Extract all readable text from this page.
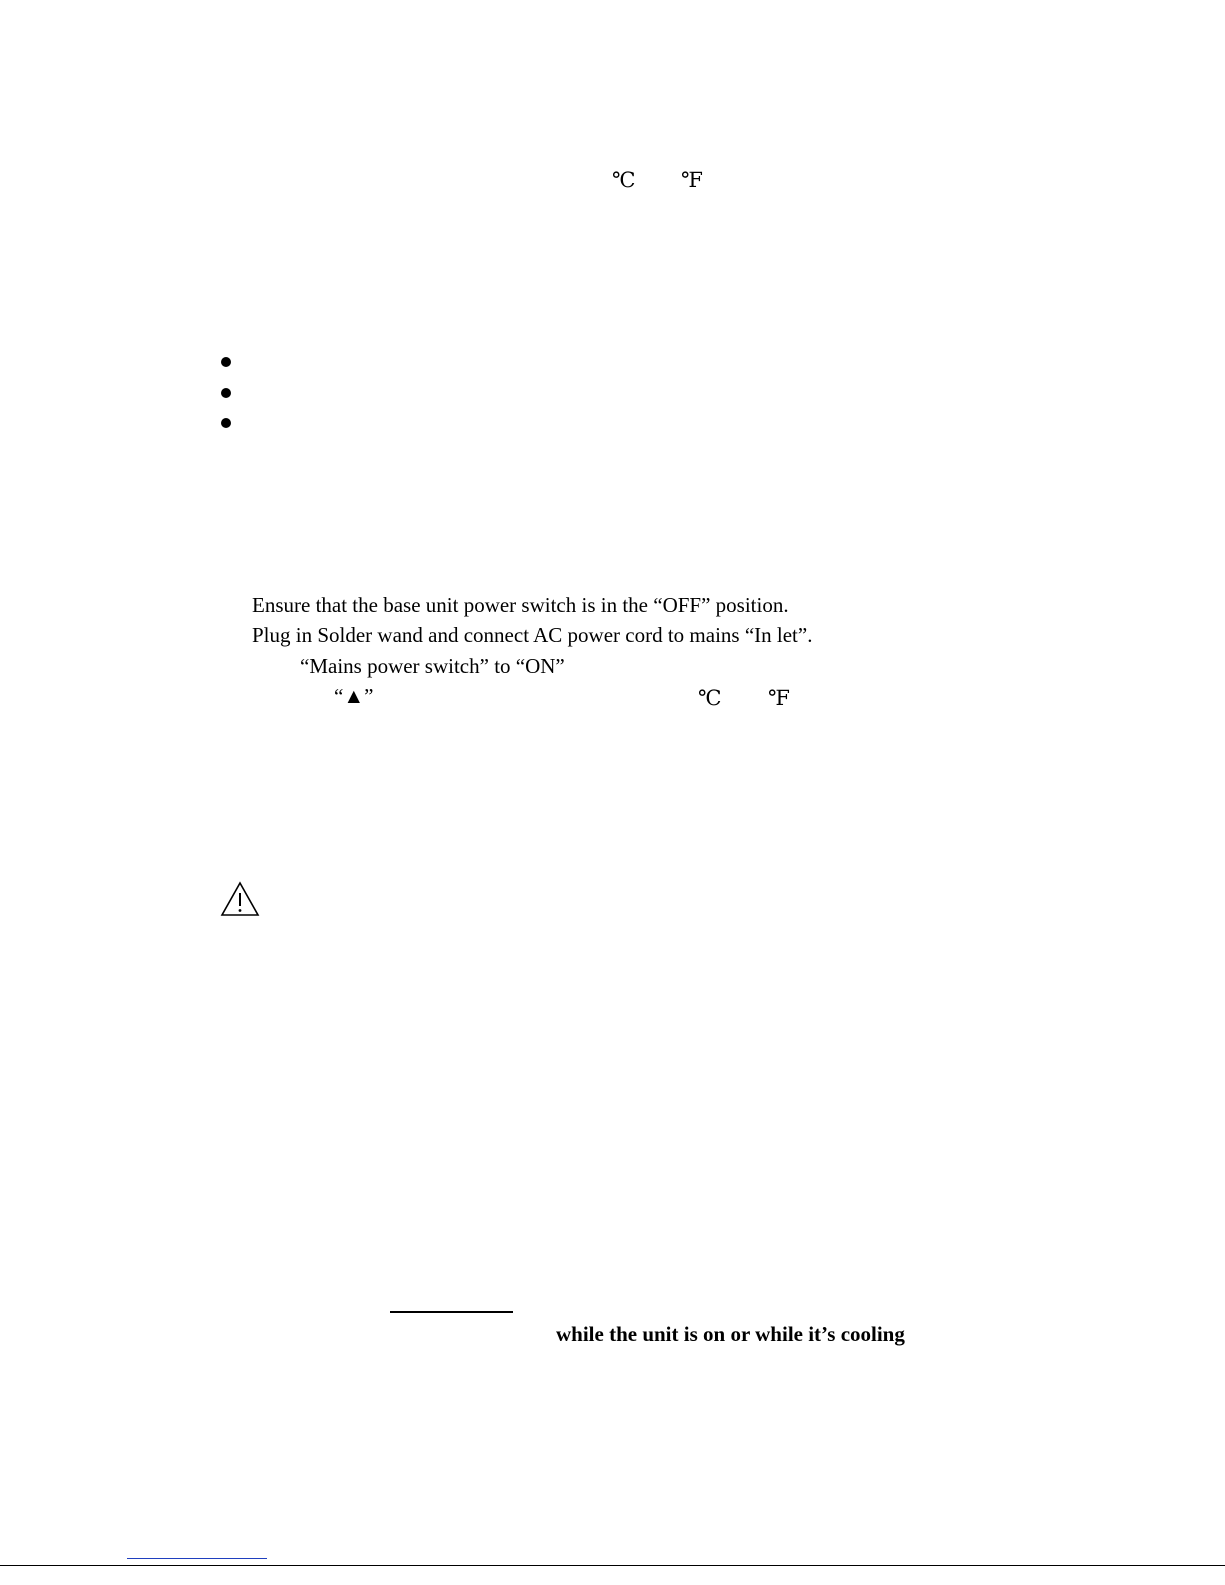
℃ ℉
Ensure that the base unit power switch is in the “OFF” position.
Plug in Solder wand and connect AC power cord to mains “In let”.
“Mains power switch” to “ON”
“▲”	℃ ℉
while the unit is on or while it’s cooling
